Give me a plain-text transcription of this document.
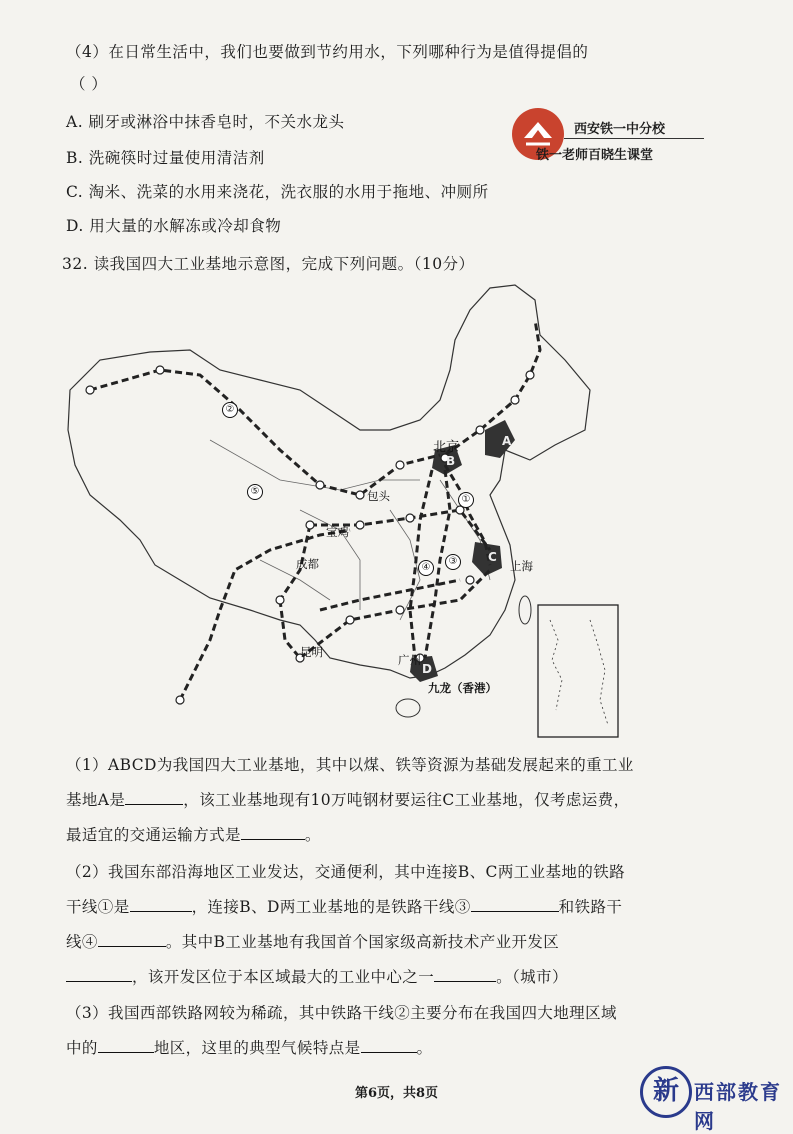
（4）在日常生活中，我们也要做到节约用水，下列哪种行为是值得提倡的
（ ）
A. 刷牙或淋浴中抹香皂时，不关水龙头
B. 洗碗筷时过量使用清洁剂
C. 淘米、洗菜的水用来浇花，洗衣服的水用于拖地、冲厕所
D. 用大量的水解冻或冷却食物
西安铁一中分校
铁一老师百晓生课堂
32. 读我国四大工业基地示意图，完成下列问题。（10分）
包头
北京
宝鸡
成都	上海
昆明
广州
九龙（香港）
A
B
C
D
①
②
③
④
⑤
（1）ABCD为我国四大工业基地，其中以煤、铁等资源为基础发展起来的重工业
基地A是	，该工业基地现有10万吨钢材要运往C工业基地，仅考虑运费，
最适宜的交通运输方式是	。
（2）我国东部沿海地区工业发达，交通便利，其中连接B、C两工业基地的铁路
干线①是	，连接B、D两工业基地的是铁路干线③	和铁路干
线④	。其中B工业基地有我国首个国家级高新技术产业开发区
，该开发区位于本区域最大的工业中心之一	。（城市）
（3）我国西部铁路网较为稀疏，其中铁路干线②主要分布在我国四大地理区域
中的	地区，这里的典型气候特点是	。
第6页，共8页	新 西部教育网
